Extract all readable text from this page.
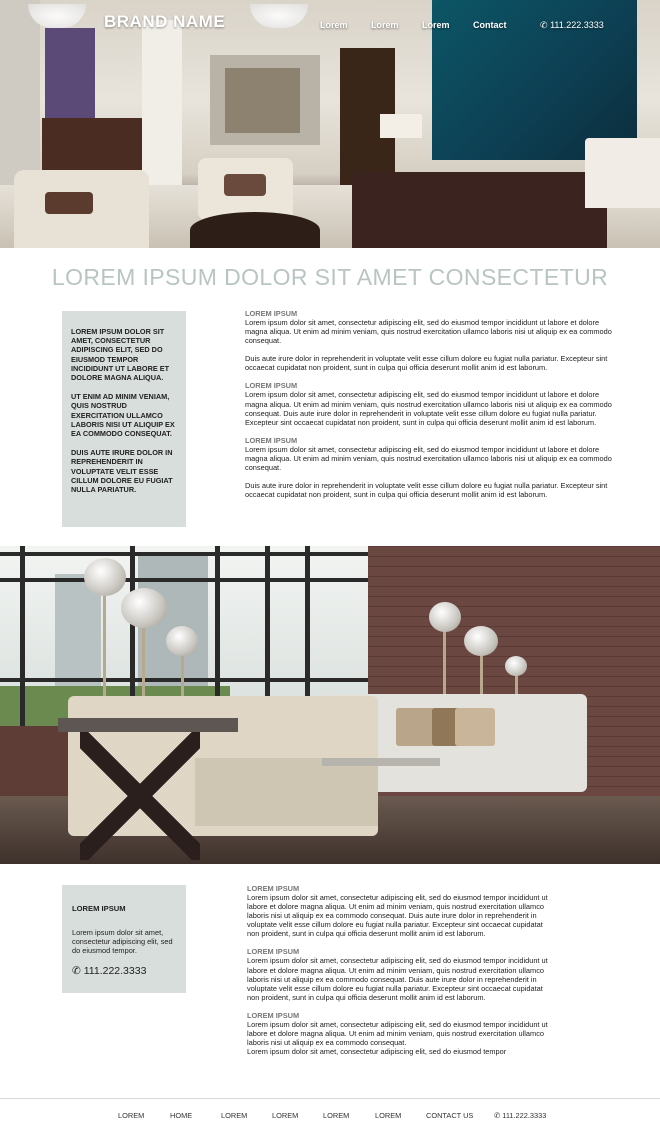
BRAND NAME	Lorem	Lorem	Lorem	Contact	✆ 111.222.3333
LOREM IPSUM DOLOR SIT AMET CONSECTETUR

LOREM IPSUM DOLOR SIT AMET, CONSECTETUR ADIPISCING ELIT, SED DO EIUSMOD TEMPOR INCIDIDUNT UT LABORE ET DOLORE MAGNA ALIQUA.

UT ENIM AD MINIM VENIAM, QUIS NOSTRUD EXERCITATION ULLAMCO LABORIS NISI UT ALIQUIP EX EA COMMODO CONSEQUAT.

DUIS AUTE IRURE DOLOR IN REPREHENDERIT IN VOLUPTATE VELIT ESSE CILLUM DOLORE EU FUGIAT NULLA PARIATUR.

LOREM IPSUM

Lorem ipsum dolor sit amet, consectetur adipiscing elit, sed do eiusmod tempor incididunt ut labore et dolore magna aliqua. Ut enim ad minim veniam, quis nostrud exercitation ullamco laboris nisi ut aliquip ex ea commodo consequat.

Duis aute irure dolor in reprehenderit in voluptate velit esse cillum dolore eu fugiat nulla pariatur. Excepteur sint occaecat cupidatat non proident, sunt in culpa qui officia deserunt mollit anim id est laborum.

LOREM IPSUM

Lorem ipsum dolor sit amet, consectetur adipiscing elit, sed do eiusmod tempor incididunt ut labore et dolore magna aliqua. Ut enim ad minim veniam, quis nostrud exercitation ullamco laboris nisi ut aliquip ex ea commodo consequat. Duis aute irure dolor in reprehenderit in voluptate velit esse cillum dolore eu fugiat nulla pariatur. Excepteur sint occaecat cupidatat non proident, sunt in culpa qui officia deserunt mollit anim id est laborum.

LOREM IPSUM

Lorem ipsum dolor sit amet, consectetur adipiscing elit, sed do eiusmod tempor incididunt ut labore et dolore magna aliqua. Ut enim ad minim veniam, quis nostrud exercitation ullamco laboris nisi ut aliquip ex ea commodo consequat.

Duis aute irure dolor in reprehenderit in voluptate velit esse cillum dolore eu fugiat nulla pariatur. Excepteur sint occaecat cupidatat non proident, sunt in culpa qui officia deserunt mollit anim id est laborum.

LOREM IPSUM

Lorem ipsum dolor sit amet, consectetur adipiscing elit, sed do eiusmod tempor.

✆ 111.222.3333

LOREM IPSUM

Lorem ipsum dolor sit amet, consectetur adipiscing elit, sed do eiusmod tempor incididunt ut labore et dolore magna aliqua. Ut enim ad minim veniam, quis nostrud exercitation ullamco laboris nisi ut aliquip ex ea commodo consequat. Duis aute irure dolor in reprehenderit in voluptate velit esse cillum dolore eu fugiat nulla pariatur. Excepteur sint occaecat cupidatat non proident, sunt in culpa qui officia deserunt mollit anim id est laborum.

LOREM IPSUM

Lorem ipsum dolor sit amet, consectetur adipiscing elit, sed do eiusmod tempor incididunt ut labore et dolore magna aliqua. Ut enim ad minim veniam, quis nostrud exercitation ullamco laboris nisi ut aliquip ex ea commodo consequat. Duis aute irure dolor in reprehenderit in voluptate velit esse cillum dolore eu fugiat nulla pariatur. Excepteur sint occaecat cupidatat non proident, sunt in culpa qui officia deserunt mollit anim id est laborum.

LOREM IPSUM

Lorem ipsum dolor sit amet, consectetur adipiscing elit, sed do eiusmod tempor incididunt ut labore et dolore magna aliqua. Ut enim ad minim veniam, quis nostrud exercitation ullamco laboris nisi ut aliquip ex ea commodo consequat.

Lorem ipsum dolor sit amet, consectetur adipiscing elit, sed do eiusmod tempor

LOREM	HOME	LOREM	LOREM	LOREM	LOREM	CONTACT US	✆ 111.222.3333
